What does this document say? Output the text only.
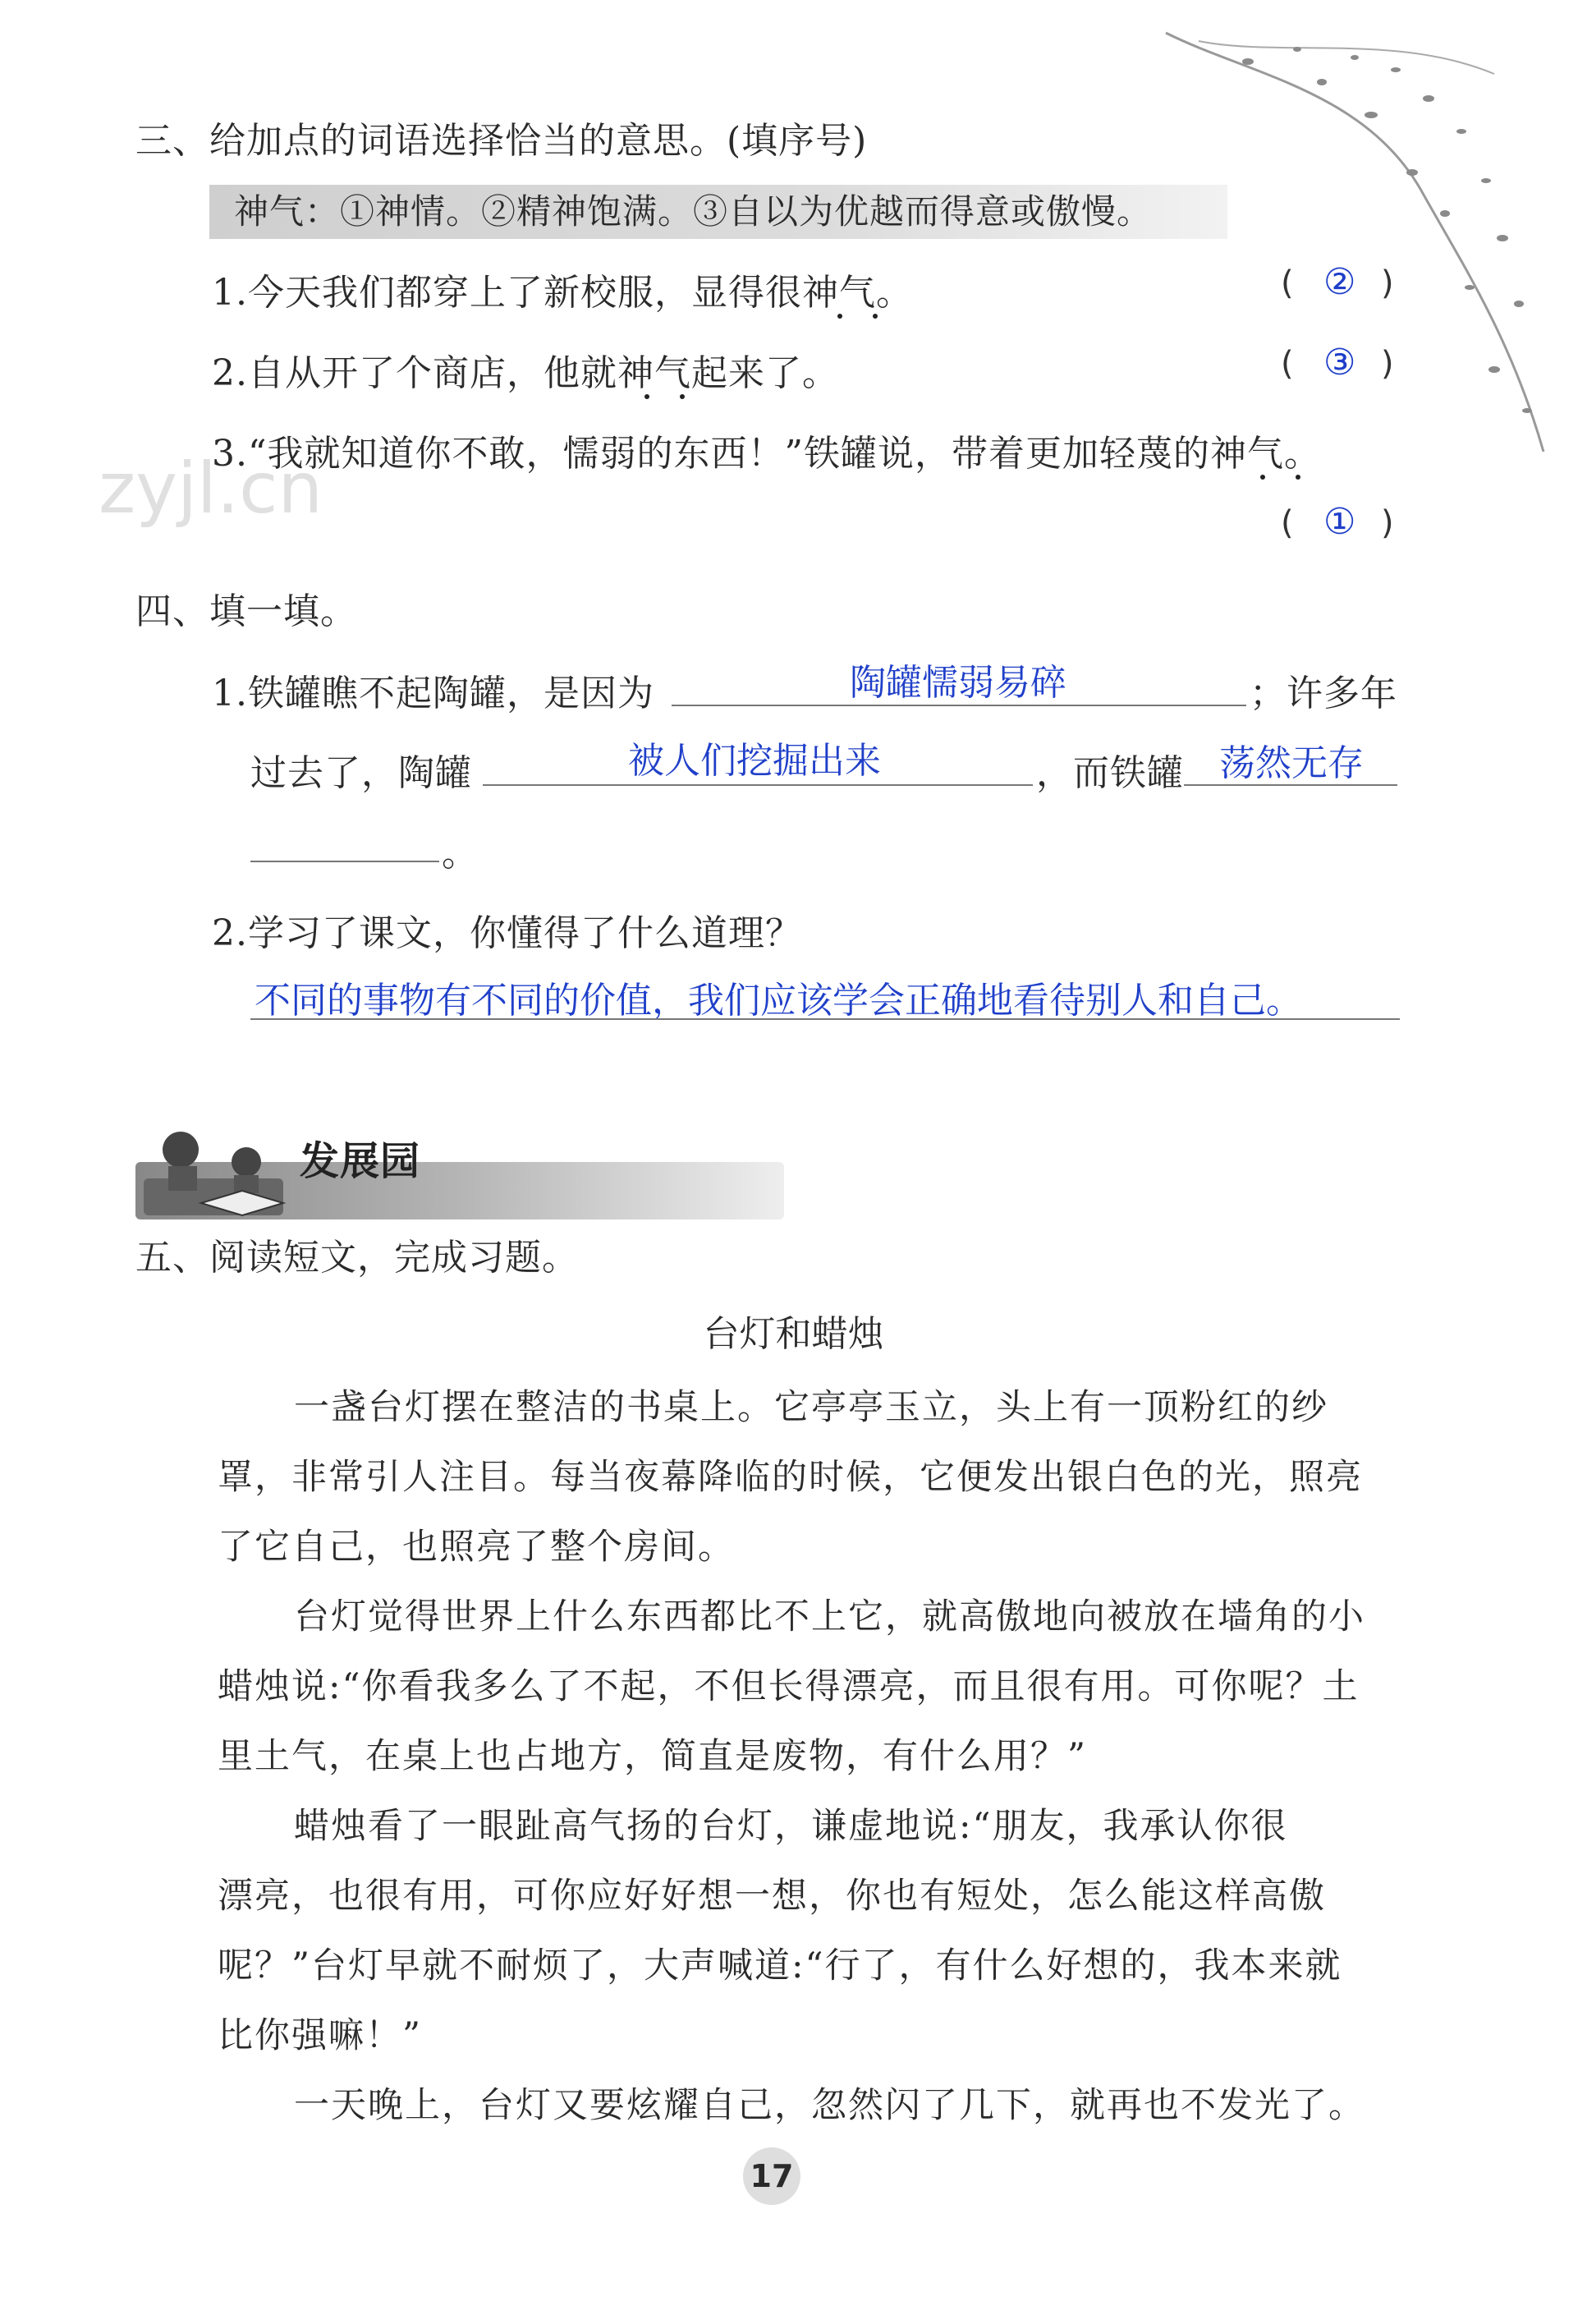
zyjl.cn
三、给加点的词语选择恰当的意思。(填序号)
神气：①神情。②精神饱满。③自以为优越而得意或傲慢。
1.今天我们都穿上了新校服，显得很神气。	( ② )
2.自从开了个商店，他就神气起来了。	( ③ )
3.“我就知道你不敢，懦弱的东西！”铁罐说，带着更加轻蔑的神气。
( ① )
四、填一填。
1.铁罐瞧不起陶罐，是因为	陶罐懦弱易碎	；许多年
过去了，陶罐	被人们挖掘出来	，而铁罐 荡然无存
。
2.学习了课文，你懂得了什么道理？
不同的事物有不同的价值，我们应该学会正确地看待别人和自己。
发展园
五、阅读短文，完成习题。
台灯和蜡烛
一盏台灯摆在整洁的书桌上。它亭亭玉立，头上有一顶粉红的纱
罩，非常引人注目。每当夜幕降临的时候，它便发出银白色的光，照亮
了它自己，也照亮了整个房间。
台灯觉得世界上什么东西都比不上它，就高傲地向被放在墙角的小
蜡烛说:“你看我多么了不起，不但长得漂亮，而且很有用。可你呢？土
里土气，在桌上也占地方，简直是废物，有什么用？”
蜡烛看了一眼趾高气扬的台灯，谦虚地说:“朋友，我承认你很
漂亮，也很有用，可你应好好想一想，你也有短处，怎么能这样高傲
呢？”台灯早就不耐烦了，大声喊道:“行了，有什么好想的，我本来就
比你强嘛！”
一天晚上，台灯又要炫耀自己，忽然闪了几下，就再也不发光了。
17
